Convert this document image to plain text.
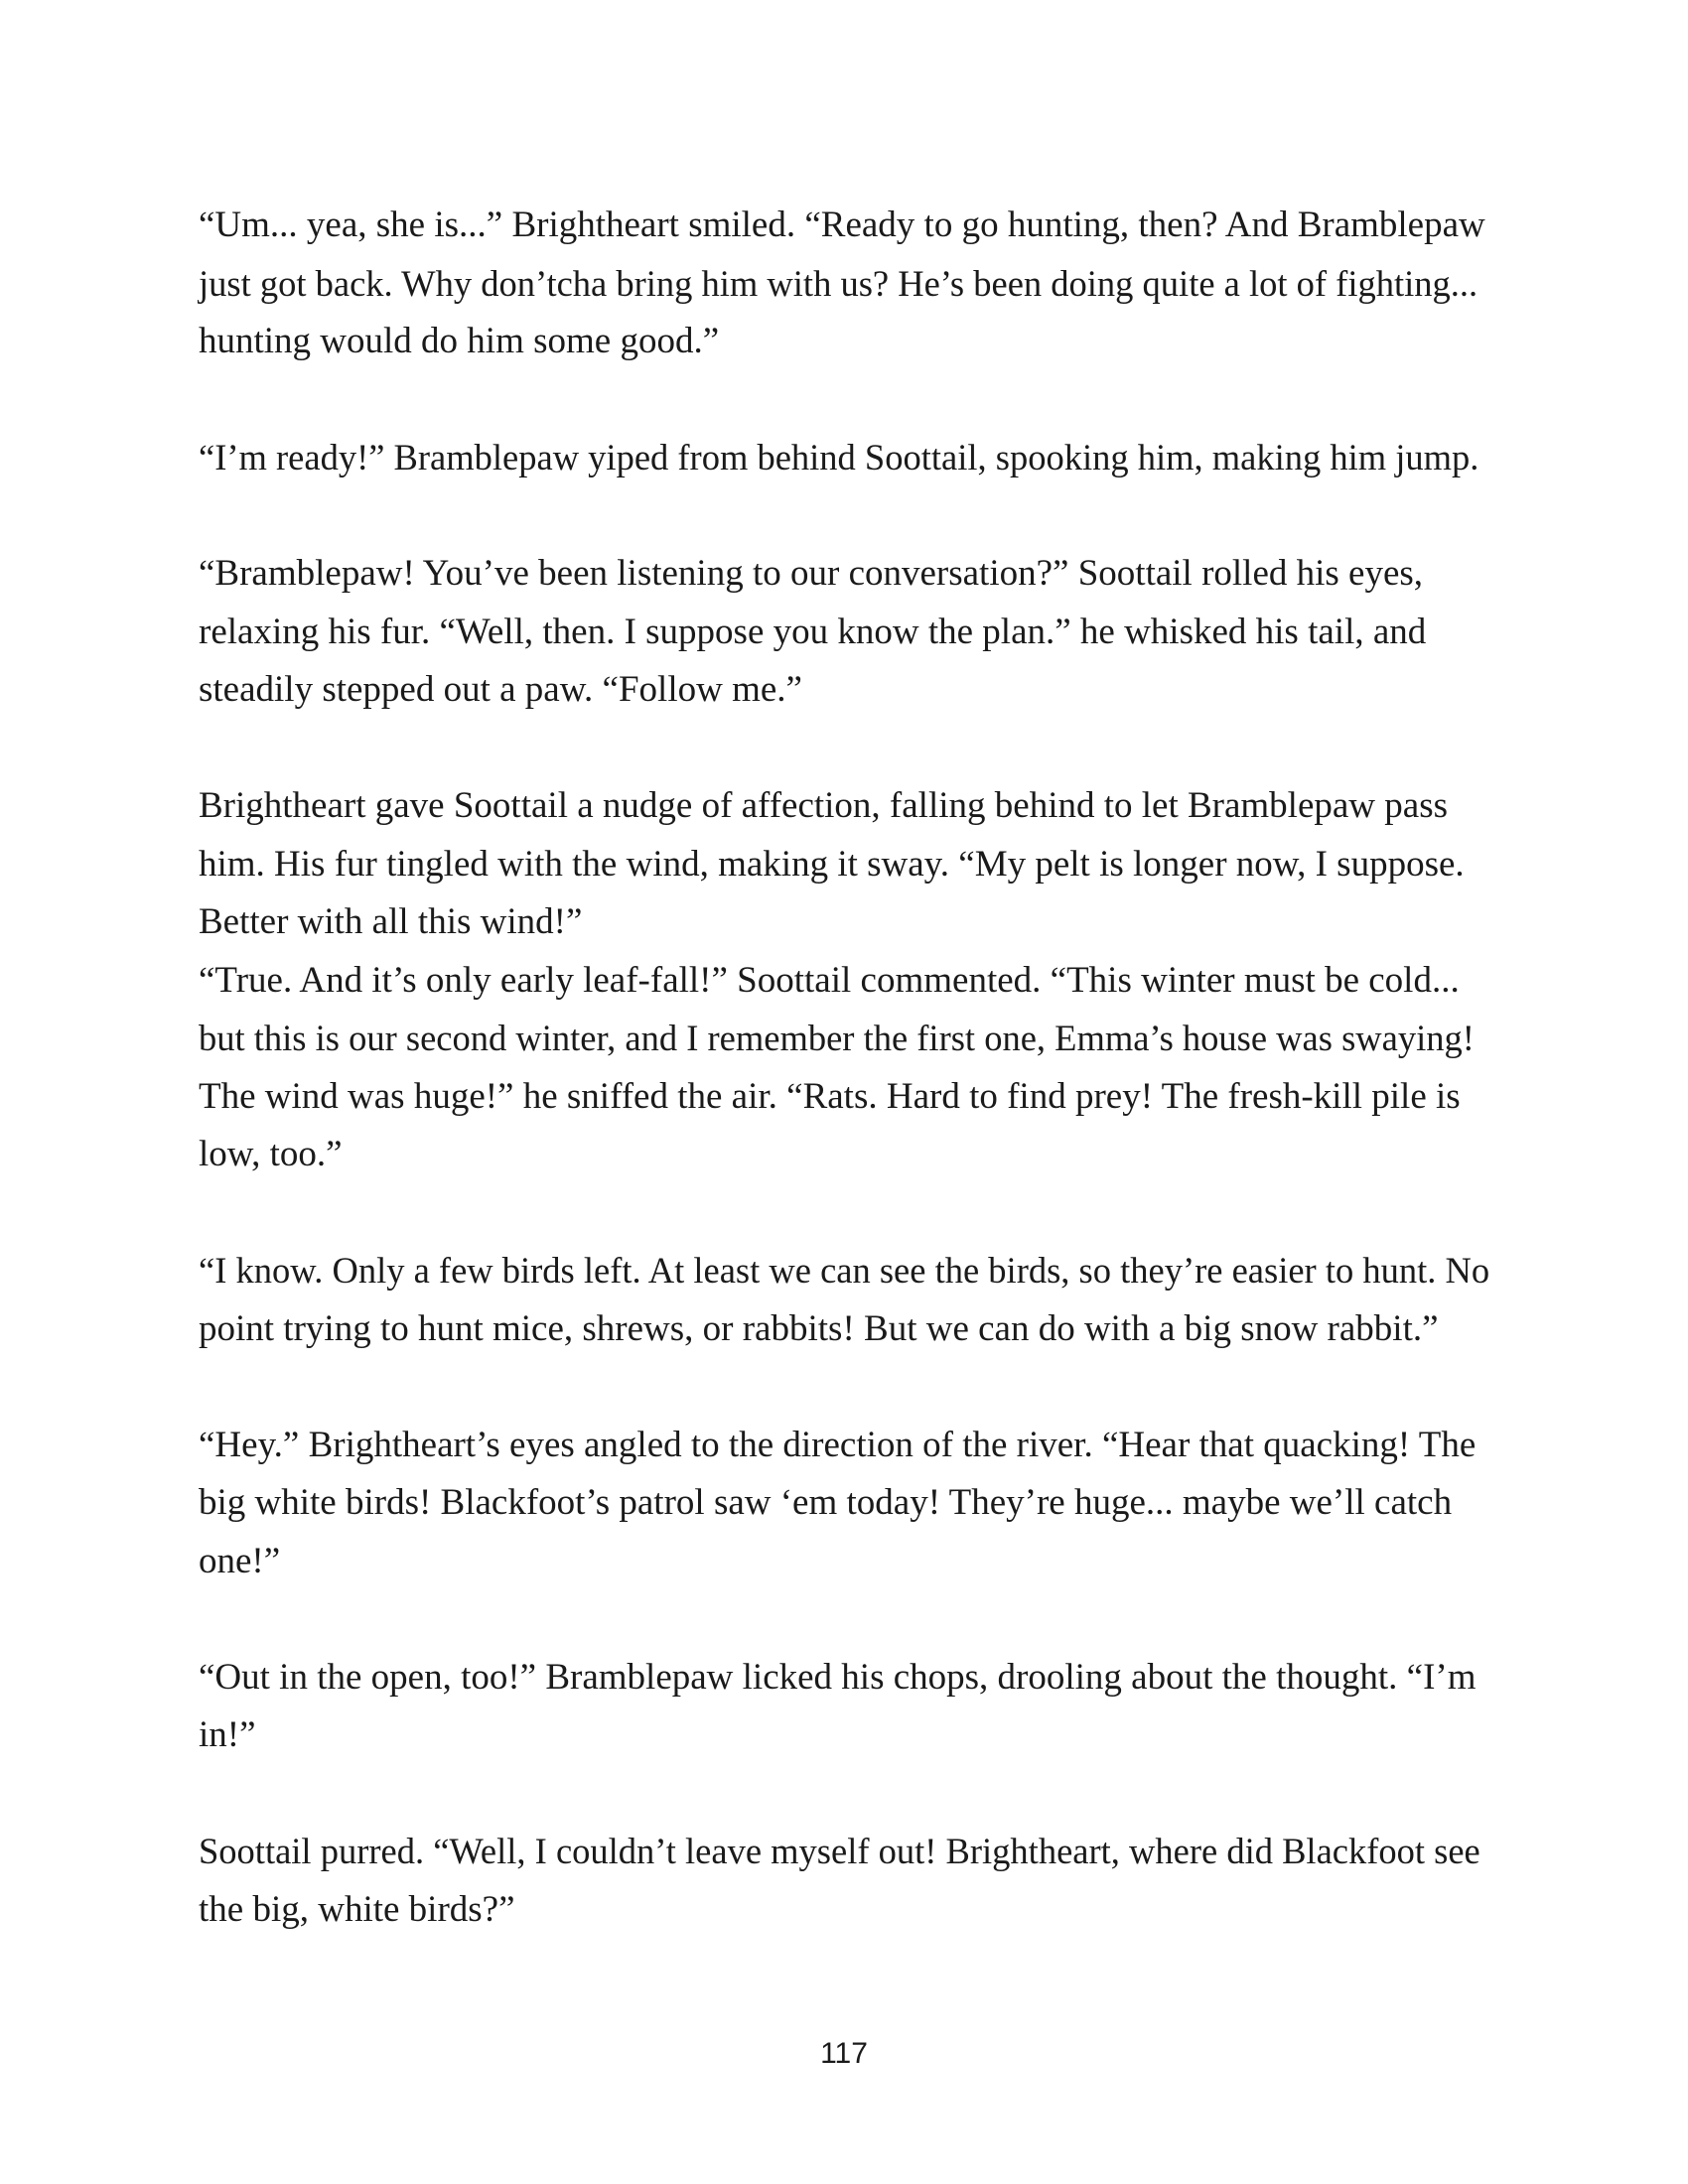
“Um... yea, she is...” Brightheart smiled. “Ready to go hunting, then? And Bramblepaw
just got back. Why don’tcha bring him with us? He’s been doing quite a lot of fighting...
hunting would do him some good.”

“I’m ready!” Bramblepaw yiped from behind Soottail, spooking him, making him jump.

“Bramblepaw! You’ve been listening to our conversation?” Soottail rolled his eyes,
relaxing his fur. “Well, then. I suppose you know the plan.” he whisked his tail, and
steadily stepped out a paw. “Follow me.”

Brightheart gave Soottail a nudge of affection, falling behind to let Bramblepaw pass
him. His fur tingled with the wind, making it sway. “My pelt is longer now, I suppose.
Better with all this wind!”
“True. And it’s only early leaf-fall!” Soottail commented. “This winter must be cold...
but this is our second winter, and I remember the first one, Emma’s house was swaying!
The wind was huge!” he sniffed the air. “Rats. Hard to find prey! The fresh-kill pile is
low, too.”

“I know. Only a few birds left. At least we can see the birds, so they’re easier to hunt. No
point trying to hunt mice, shrews, or rabbits! But we can do with a big snow rabbit.”

“Hey.” Brightheart’s eyes angled to the direction of the river. “Hear that quacking! The
big white birds! Blackfoot’s patrol saw ‘em today! They’re huge... maybe we’ll catch
one!”

“Out in the open, too!” Bramblepaw licked his chops, drooling about the thought. “I’m
in!”

Soottail purred. “Well, I couldn’t leave myself out! Brightheart, where did Blackfoot see
the big, white birds?”

117
